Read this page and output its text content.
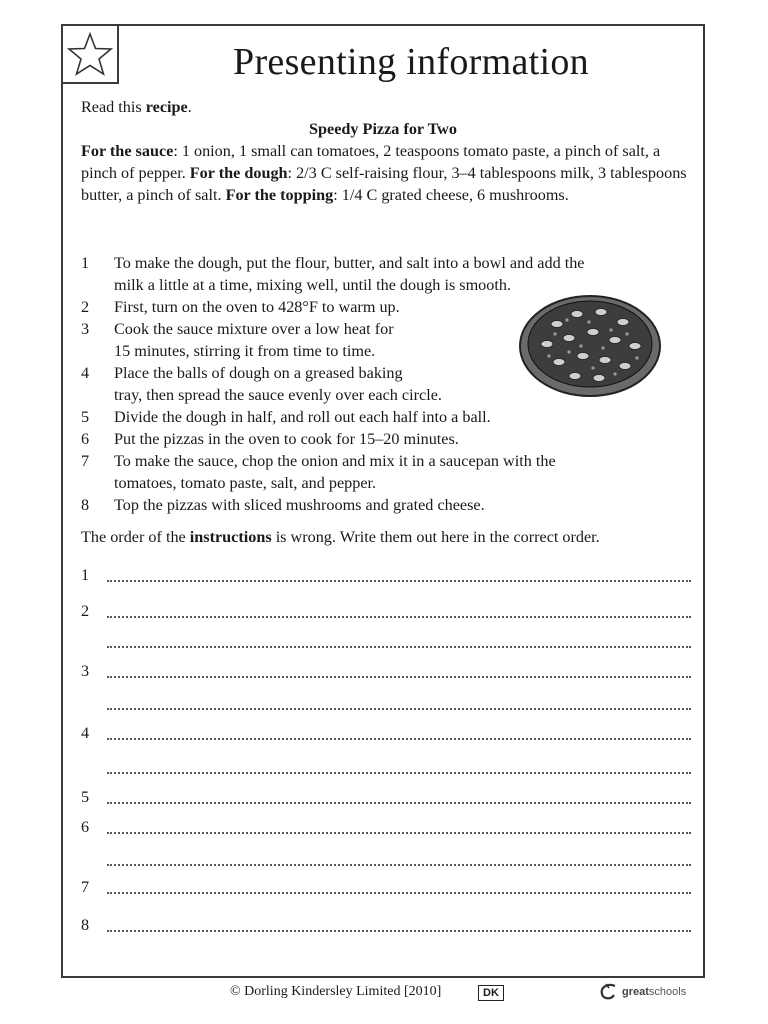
Presenting information
Read this recipe.
Speedy Pizza for Two
For the sauce: 1 onion, 1 small can tomatoes, 2 teaspoons tomato paste, a pinch of salt, a pinch of pepper. For the dough: 2/3 C self-raising flour, 3–4 tablespoons milk, 3 tablespoons butter, a pinch of salt. For the topping: 1/4 C grated cheese, 6 mushrooms.
1	To make the dough, put the flour, butter, and salt into a bowl and add the
milk a little at a time, mixing well, until the dough is smooth.
2	First, turn on the oven to 428°F to warm up.
3	Cook the sauce mixture over a low heat for
15 minutes, stirring it from time to time.
4	Place the balls of dough on a greased baking
tray, then spread the sauce evenly over each circle.
5	Divide the dough in half, and roll out each half into a ball.
6	Put the pizzas in the oven to cook for 15–20 minutes.
7	To make the sauce, chop the onion and mix it in a saucepan with the
tomatoes, tomato paste, salt, and pepper.
8	Top the pizzas with sliced mushrooms and grated cheese.
The order of the instructions is wrong. Write them out here in the correct order.
1
2
3
4
5
6
7
8
© Dorling Kindersley Limited [2010]	DK	greatschools
